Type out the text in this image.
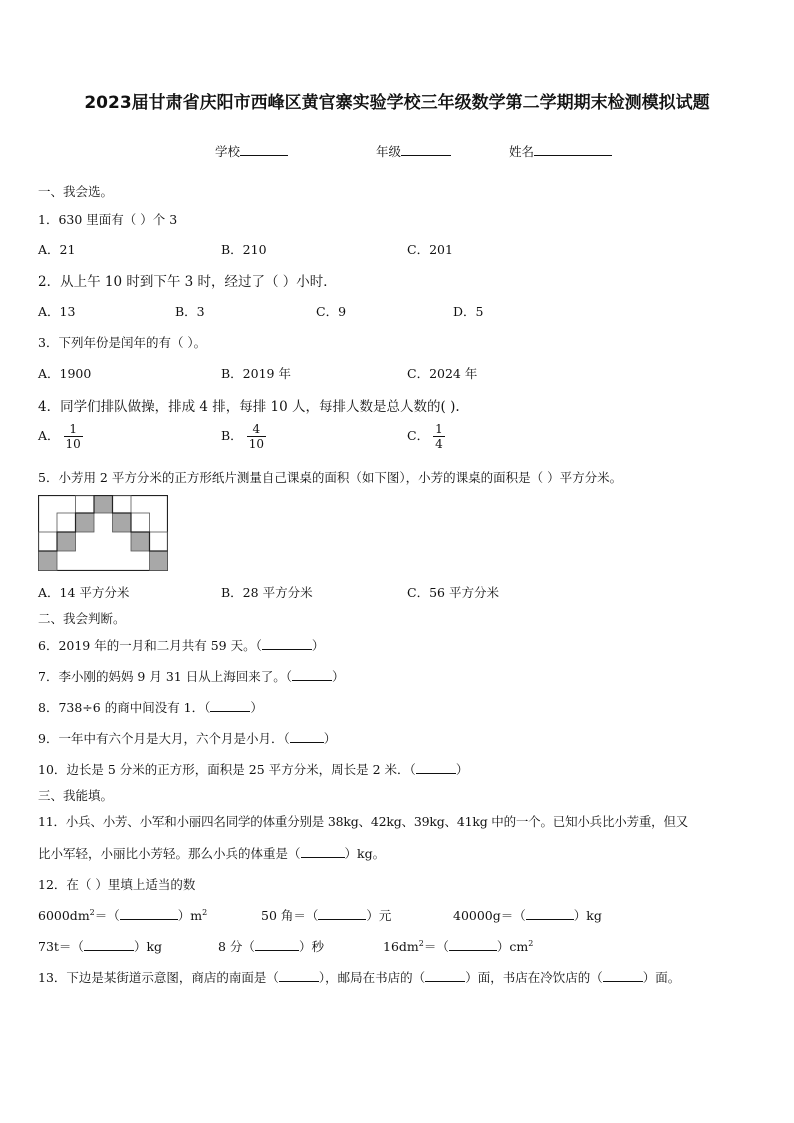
2023届甘肃省庆阳市西峰区黄官寨实验学校三年级数学第二学期期末检测模拟试题
学校	年级	姓名
一、我会选。
1．630 里面有（ ）个 3
A．21	B．210	C．201
2．从上午 10 时到下午 3 时，经过了（ ）小时．
A．13	B．3	C．9	D．5
3．下列年份是闰年的有（ ）。
A．1900	B．2019 年	C．2024 年
4．同学们排队做操，排成 4 排，每排 10 人，每排人数是总人数的( ).
A． $\frac{1}{10}$	B． $\frac{4}{10}$	C． $\frac{1}{4}$
5．小芳用 2 平方分米的正方形纸片测量自己课桌的面积（如下图），小芳的课桌的面积是（ ）平方分米。
A．14 平方分米	B．28 平方分米	C．56 平方分米
二、我会判断。
6．2019 年的一月和二月共有 59 天。（	）
7．李小刚的妈妈 9 月 31 日从上海回来了。（	）
8．738÷6 的商中间没有 1．（	）
9．一年中有六个月是大月，六个月是小月．（	）
10．边长是 5 分米的正方形，面积是 25 平方分米，周长是 2 米．（	）
三、我能填。
11．小兵、小芳、小军和小丽四名同学的体重分别是 38kg、42kg、39kg、41kg 中的一个。已知小兵比小芳重，但又
比小军轻，小丽比小芳轻。那么小兵的体重是（	）kg。
12．在（ ）里填上适当的数
$6000dm^2=$（	）$m^2$	50 角＝（	）元	40000g＝（	）kg
73t＝（	）kg	8 分（	）秒	$16dm^2=$（	）$cm^2$
13．下边是某街道示意图，商店的南面是（	），邮局在书店的（	）面，书店在冷饮店的（	）面。
